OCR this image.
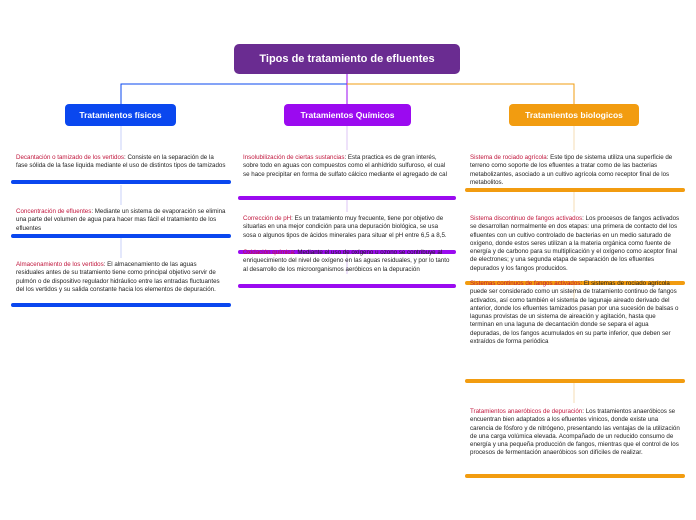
Tipos de tratamiento de efluentes
Tratamientos físicos	Tratamientos Químicos	Tratamientos biologicos
Decantación o tamizado de los vertidos: Consiste en la separación de la fase sólida de la fase liquida mediante el uso de distintos tipos de tamizados
Concentración de efluentes: Mediante un sistema de evaporación se elimina una parte del volumen de agua para hacer mas fácil el tratamiento de los efluentes
Almacenamiento de los vertidos: El almacenamiento de las aguas residuales antes de su tratamiento tiene como principal objetivo servir de pulmón o de dispositivo regulador hidráulico entre las entradas fluctuantes del los vertidos y su salida constante hacia los elementos de depuración.
Insolubilización de ciertas sustancias: Esta practica es de gran interés, sobre todo en aguas con compuestos como el anhídrido sulfuroso, el cual se hace precipitar en forma de sulfato cálcico mediante el agregado de cal
Corrección de pH: Es un tratamiento muy frecuente, tiene por objetivo de situarlas en una mejor condición para una depuración biológica, se usa sosa o algunos tipos de ácidos minerales para situar el pH entre 6,5 a 8,5.
Oxidación química: Mediante el uso de oxígeno u ozono se contribuye al enriquecimiento del nivel de oxígeno en las aguas residuales, y por lo tanto al desarrollo de los microorganismos aeróbicos en la depuración
Sistema de rociado agrícola: Este tipo de sistema utiliza una superficie de terreno como soporte de los efluentes a tratar como de las bacterias metabolizantes, asociado a un cultivo agrícola como receptor final de los metabolitos.
Sistema discontinuo de fangos activados: Los procesos de fangos activados se desarrollan normalmente en dos etapas: una primera de contacto del los efluentes con un cultivo controlado de bacterias en un medio saturado de oxígeno, donde estos seres utilizan a la materia orgánica como fuente de energía y de carbono para su multiplicación y el oxígeno como aceptor final de electrones; y una segunda etapa de separación de los efluentes depurados y los fangos producidos.
Sistemas continuos de fangos activados: El sistemas de rociado agrícola puede ser considerado como un sistema de tratamiento continuo de fangos activados, así como también el sistema de lagunaje aireado derivado del anterior, donde los efluentes tamizados pasan por una sucesión de balsas o lagunas provistas de un sistema de aireación y agitación, hasta que terminan en una laguna de decantación donde se separa el agua depuradas, de los fangos acumulados en su parte inferior, que deben ser extraídos de forma periódica
Tratamientos anaeróbicos de depuración: Los tratamientos anaeróbicos se encuentran bien adaptados a los efluentes vínicos, donde existe una carencia de fósforo y de nitrógeno, presentando las ventajas de la utilización de una carga volúmica elevada. Acompañado de un reducido consumo de energía y una pequeña producción de fangos, mientras que el control de los procesos de fermentación anaeróbicos son difíciles de realizar.
